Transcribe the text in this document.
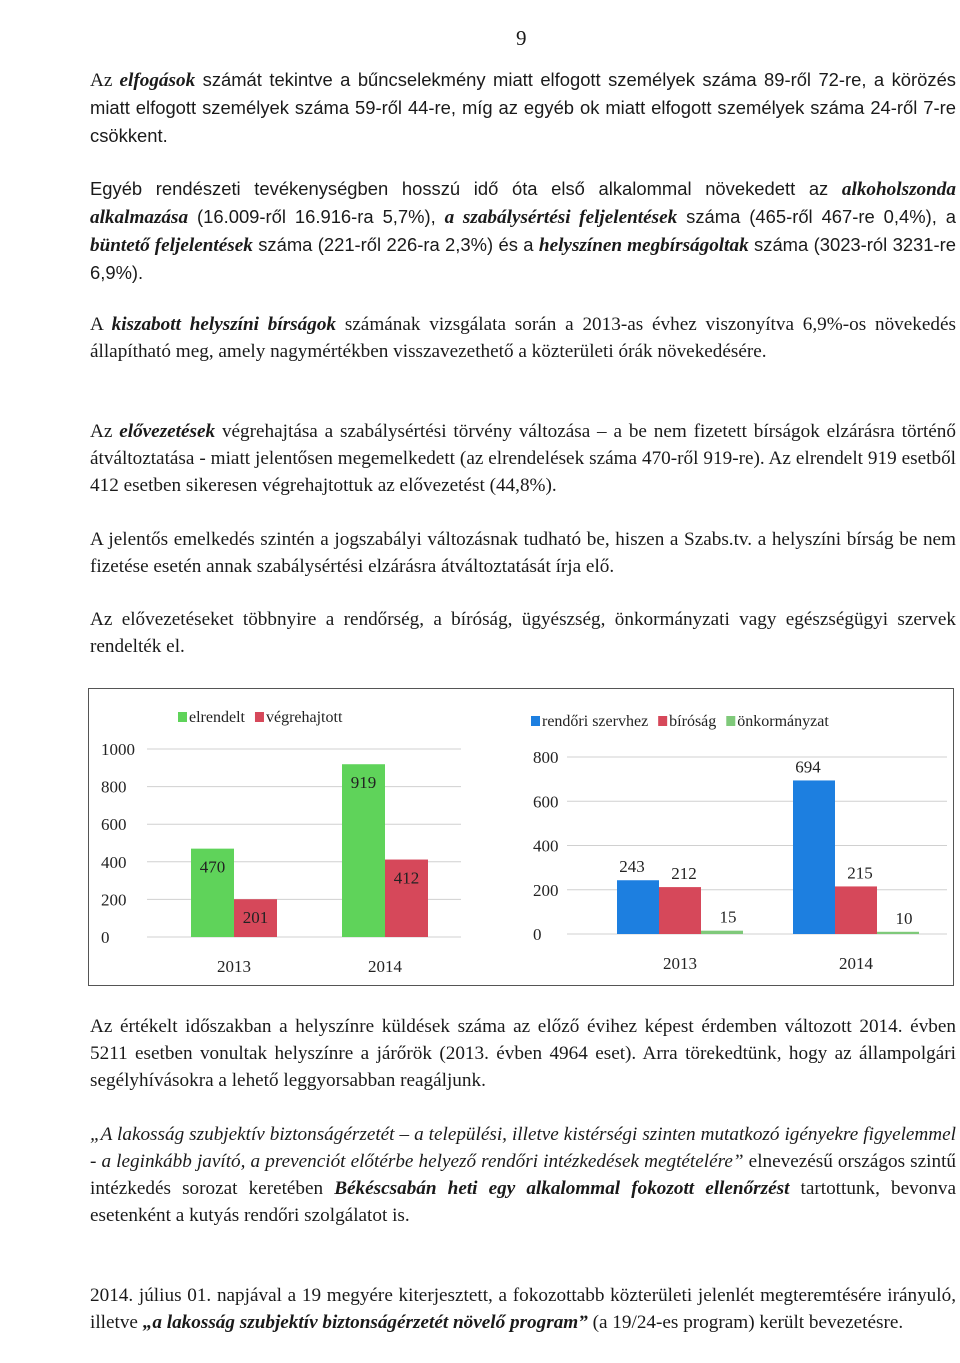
9

Az elfogások számát tekintve a bűncselekmény miatt elfogott személyek száma 89-ről 72-re, a körözés miatt elfogott személyek száma 59-ről 44-re, míg az egyéb ok miatt elfogott személyek száma 24-ről 7-re csökkent.

Egyéb rendészeti tevékenységben hosszú idő óta első alkalommal növekedett az alkoholszonda alkalmazása (16.009-ről 16.916-ra 5,7%), a szabálysértési feljelentések száma (465-ről 467-re 0,4%), a büntető feljelentések száma (221-ről 226-ra 2,3%) és a helyszínen megbírságoltak száma (3023-ról 3231-re 6,9%).

A kiszabott helyszíni bírságok számának vizsgálata során a 2013-as évhez viszonyítva 6,9%-os növekedés állapítható meg, amely nagymértékben visszavezethető a közterületi órák növekedésére.

Az elővezetések végrehajtása a szabálysértési törvény változása – a be nem fizetett bírságok elzárásra történő átváltoztatása - miatt jelentősen megemelkedett (az elrendelések száma 470-ről 919-re). Az elrendelt 919 esetből 412 esetben sikeresen végrehajtottuk az elővezetést (44,8%).

A jelentős emelkedés szintén a jogszabályi változásnak tudható be, hiszen a Szabs.tv. a helyszíni bírság be nem fizetése esetén annak szabálysértési elzárásra átváltoztatását írja elő.

Az elővezetéseket többnyire a rendőrség, a bíróság, ügyészség, önkormányzati vagy egészségügyi szervek rendelték el.

elrendelt végrehajtott
0
200
400
600
800
1000
470
201
2013
919
412
2014
rendőri szervhez bíróság önkormányzat
0
200
400
600
800
243 212
15
2013
694
215
10
2014

Az értékelt időszakban a helyszínre küldések száma az előző évihez képest érdemben változott 2014. évben 5211 esetben vonultak helyszínre a járőrök (2013. évben 4964 eset). Arra törekedtünk, hogy az állampolgári segélyhívásokra a lehető leggyorsabban reagáljunk.

„A lakosság szubjektív biztonságérzetét – a települési, illetve kistérségi szinten mutatkozó igényekre figyelemmel - a leginkább javító, a prevenciót előtérbe helyező rendőri intézkedések megtételére” elnevezésű országos szintű intézkedés sorozat keretében Békéscsabán heti egy alkalommal fokozott ellenőrzést tartottunk, bevonva esetenként a kutyás rendőri szolgálatot is.

2014. július 01. napjával a 19 megyére kiterjesztett, a fokozottabb közterületi jelenlét megteremtésére irányuló, illetve „a lakosság szubjektív biztonságérzetét növelő program” (a 19/24-es program) került bevezetésre.
